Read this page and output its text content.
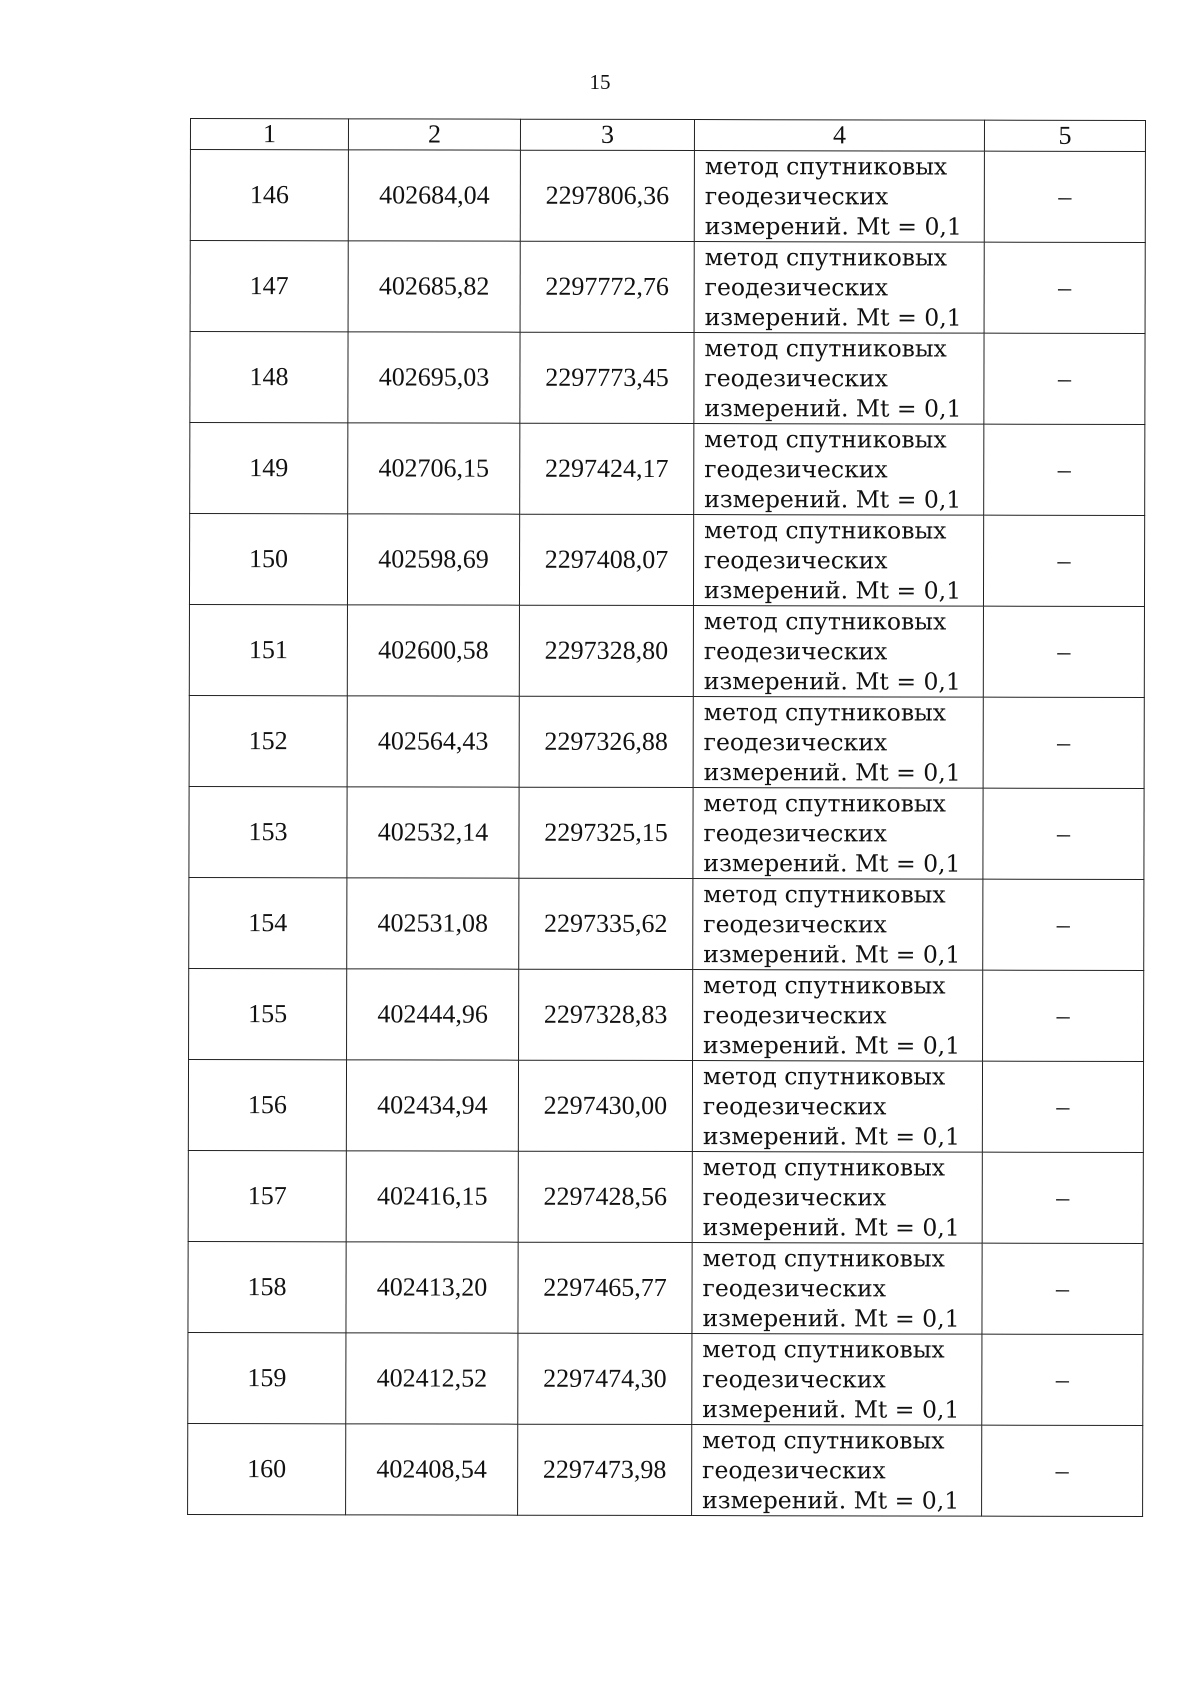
15
1	2	3	4	5
146	402684,04	2297806,36	метод спутниковых
геодезических
измерений. Mt = 0,1	–
147	402685,82	2297772,76	метод спутниковых
геодезических
измерений. Mt = 0,1	–
148	402695,03	2297773,45	метод спутниковых
геодезических
измерений. Mt = 0,1	–
149	402706,15	2297424,17	метод спутниковых
геодезических
измерений. Mt = 0,1	–
150	402598,69	2297408,07	метод спутниковых
геодезических
измерений. Mt = 0,1	–
151	402600,58	2297328,80	метод спутниковых
геодезических
измерений. Mt = 0,1	–
152	402564,43	2297326,88	метод спутниковых
геодезических
измерений. Mt = 0,1	–
153	402532,14	2297325,15	метод спутниковых
геодезических
измерений. Mt = 0,1	–
154	402531,08	2297335,62	метод спутниковых
геодезических
измерений. Mt = 0,1	–
155	402444,96	2297328,83	метод спутниковых
геодезических
измерений. Mt = 0,1	–
156	402434,94	2297430,00	метод спутниковых
геодезических
измерений. Mt = 0,1	–
157	402416,15	2297428,56	метод спутниковых
геодезических
измерений. Mt = 0,1	–
158	402413,20	2297465,77	метод спутниковых
геодезических
измерений. Mt = 0,1	–
159	402412,52	2297474,30	метод спутниковых
геодезических
измерений. Mt = 0,1	–
160	402408,54	2297473,98	метод спутниковых
геодезических
измерений. Mt = 0,1	–
